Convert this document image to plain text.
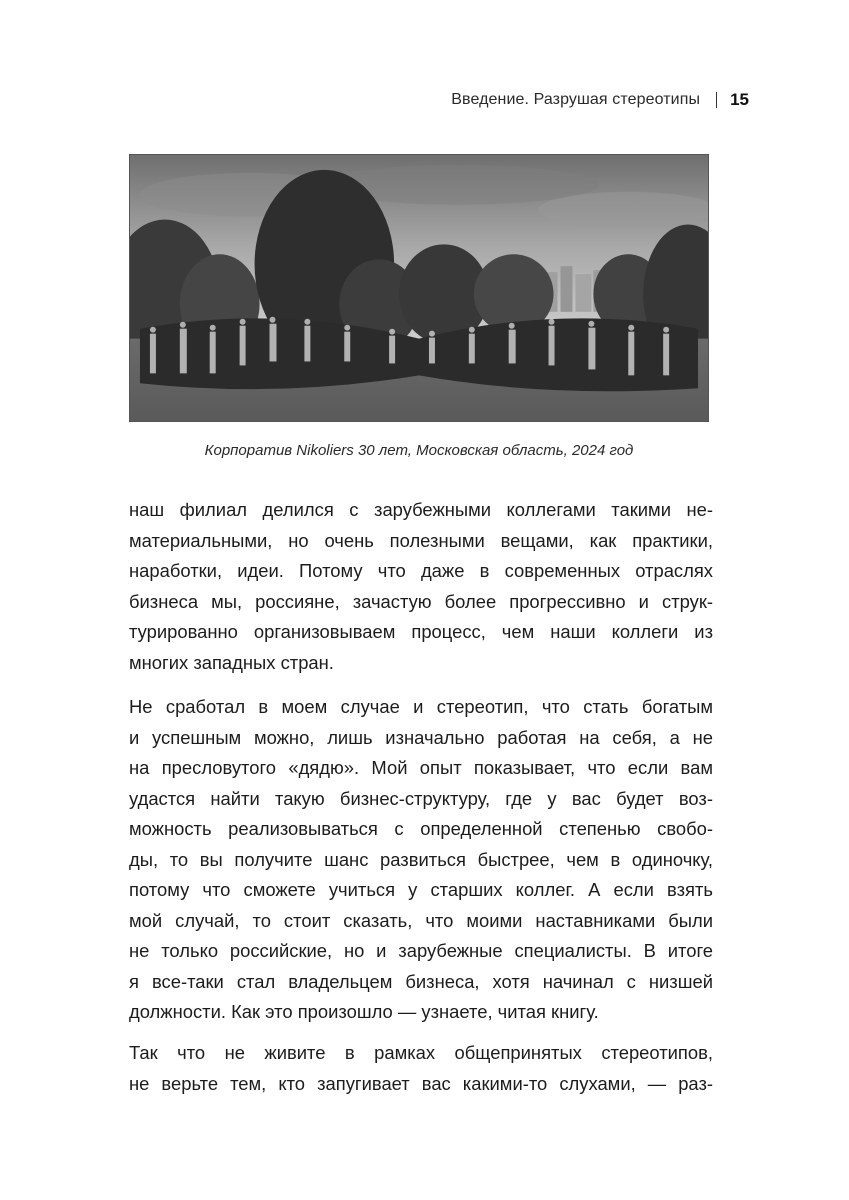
Введение. Разрушая стереотипы 15
Корпоратив Nikoliers 30 лет, Московская область, 2024 год

наш филиал делился с зарубежными коллегами такими не-
материальными, но очень полезными вещами, как практики,
наработки, идеи. Потому что даже в современных отраслях
бизнеса мы, россияне, зачастую более прогрессивно и струк-
турированно организовываем процесс, чем наши коллеги из
многих западных стран.

Не сработал в моем случае и стереотип, что стать богатым
и успешным можно, лишь изначально работая на себя, а не
на пресловутого «дядю». Мой опыт показывает, что если вам
удастся найти такую бизнес-структуру, где у вас будет воз-
можность реализовываться с определенной степенью свобо-
ды, то вы получите шанс развиться быстрее, чем в одиночку,
потому что сможете учиться у старших коллег. А если взять
мой случай, то стоит сказать, что моими наставниками были
не только российские, но и зарубежные специалисты. В итоге
я все-таки стал владельцем бизнеса, хотя начинал с низшей
должности. Как это произошло — узнаете, читая книгу.

Так что не живите в рамках общепринятых стереотипов,
не верьте тем, кто запугивает вас какими-то слухами, — раз-
